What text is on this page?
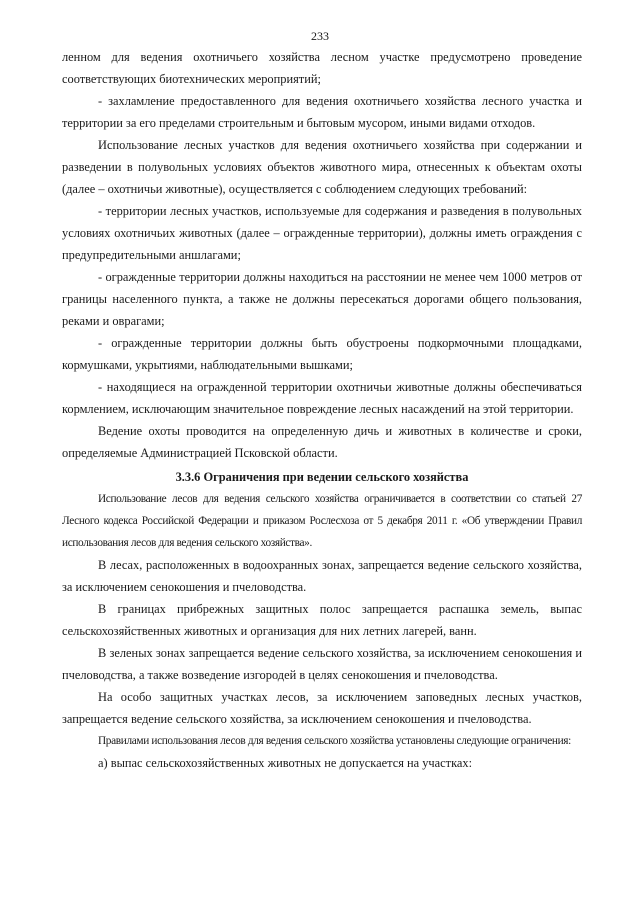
233

ленном для ведения охотничьего хозяйства лесном участке предусмотрено проведение соответствующих биотехнических мероприятий;

- захламление предоставленного для ведения охотничьего хозяйства лесного участка и территории за его пределами строительным и бытовым мусором, иными видами отходов.

Использование лесных участков для ведения охотничьего хозяйства при содержании и разведении в полувольных условиях объектов животного мира, отнесенных к объектам охоты (далее – охотничьи животные), осуществляется с соблюдением следующих требований:

- территории лесных участков, используемые для содержания и разведения в полувольных условиях охотничьих животных (далее – огражденные территории), должны иметь ограждения с предупредительными аншлагами;

- огражденные территории должны находиться на расстоянии не менее чем 1000 метров от границы населенного пункта, а также не должны пересекаться дорогами общего пользования, реками и оврагами;

- огражденные территории должны быть обустроены подкормочными площадками, кормушками, укрытиями, наблюдательными вышками;

- находящиеся на огражденной территории охотничьи животные должны обеспечиваться кормлением, исключающим значительное повреждение лесных насаждений на этой территории.

Ведение охоты проводится на определенную дичь и животных в количестве и сроки, определяемые Администрацией Псковской области.

3.3.6 Ограничения при ведении сельского хозяйства

Использование лесов для ведения сельского хозяйства ограничивается в соответствии со статьей 27 Лесного кодекса Российской Федерации и приказом Рослесхоза от 5 декабря 2011 г. «Об утверждении Правил использования лесов для ведения сельского хозяйства».

В лесах, расположенных в водоохранных зонах, запрещается ведение сельского хозяйства, за исключением сенокошения и пчеловодства.

В границах прибрежных защитных полос запрещается распашка земель, выпас сельскохозяйственных животных и организация для них летних лагерей, ванн.

В зеленых зонах запрещается ведение сельского хозяйства, за исключением сенокошения и пчеловодства, а также возведение изгородей в целях сенокошения и пчеловодства.

На особо защитных участках лесов, за исключением заповедных лесных участков, запрещается ведение сельского хозяйства, за исключением сенокошения и пчеловодства.

Правилами использования лесов для ведения сельского хозяйства установлены следующие ограничения:

а) выпас сельскохозяйственных животных не допускается на участках:
